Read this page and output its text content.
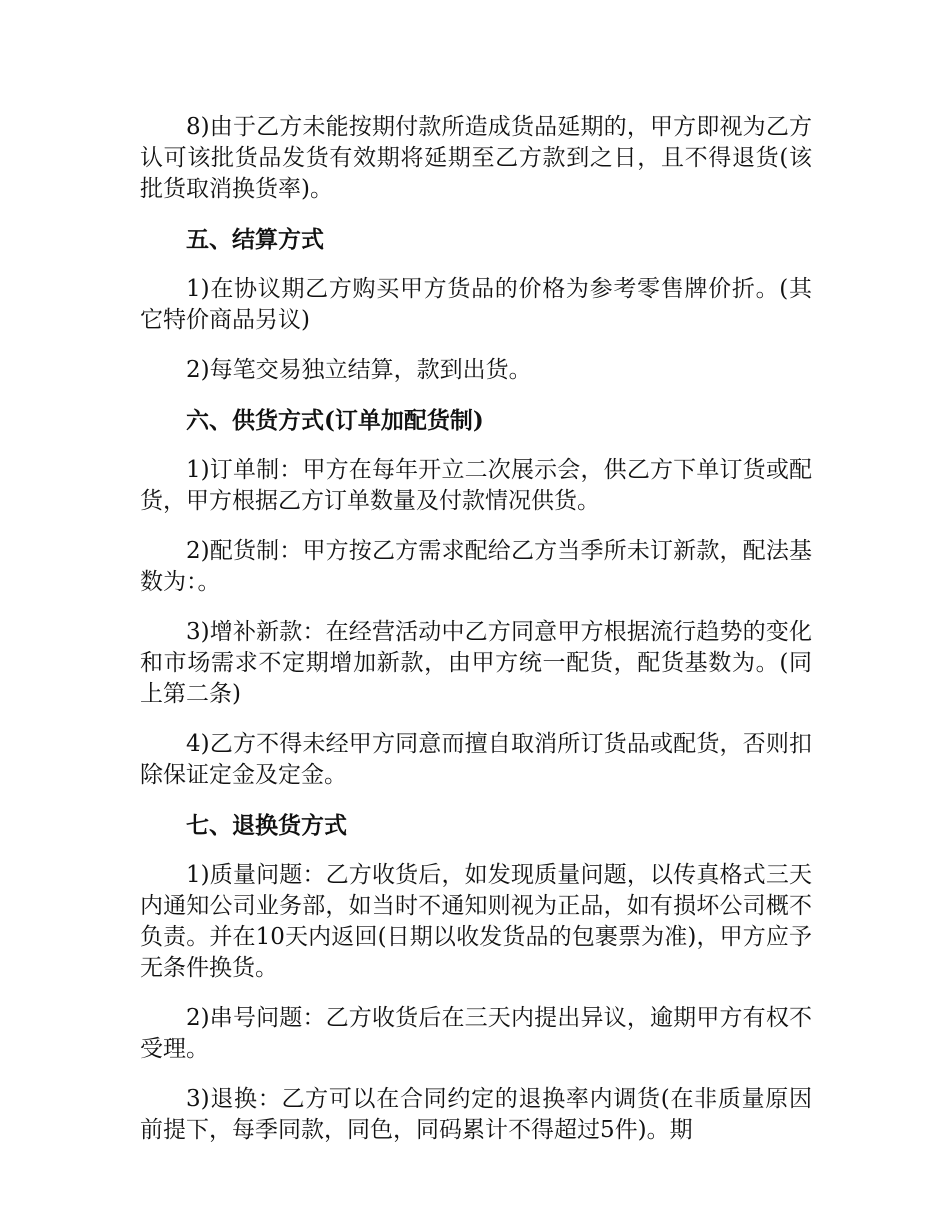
8)由于乙方未能按期付款所造成货品延期的，甲方即视为乙方认可该批货品发货有效期将延期至乙方款到之日，且不得退货(该批货取消换货率)。

五、结算方式

1)在协议期乙方购买甲方货品的价格为参考零售牌价折。(其它特价商品另议)

2)每笔交易独立结算，款到出货。

六、供货方式(订单加配货制)

1)订单制：甲方在每年开立二次展示会，供乙方下单订货或配货，甲方根据乙方订单数量及付款情况供货。

2)配货制：甲方按乙方需求配给乙方当季所未订新款，配法基数为：。

3)增补新款：在经营活动中乙方同意甲方根据流行趋势的变化和市场需求不定期增加新款，由甲方统一配货，配货基数为。(同上第二条)

4)乙方不得未经甲方同意而擅自取消所订货品或配货，否则扣除保证定金及定金。

七、退换货方式

1)质量问题：乙方收货后，如发现质量问题，以传真格式三天内通知公司业务部，如当时不通知则视为正品，如有损坏公司概不负责。并在10天内返回(日期以收发货品的包裹票为准)，甲方应予无条件换货。

2)串号问题：乙方收货后在三天内提出异议，逾期甲方有权不受理。

3)退换：乙方可以在合同约定的退换率内调货(在非质量原因前提下，每季同款，同色，同码累计不得超过5件)。期
